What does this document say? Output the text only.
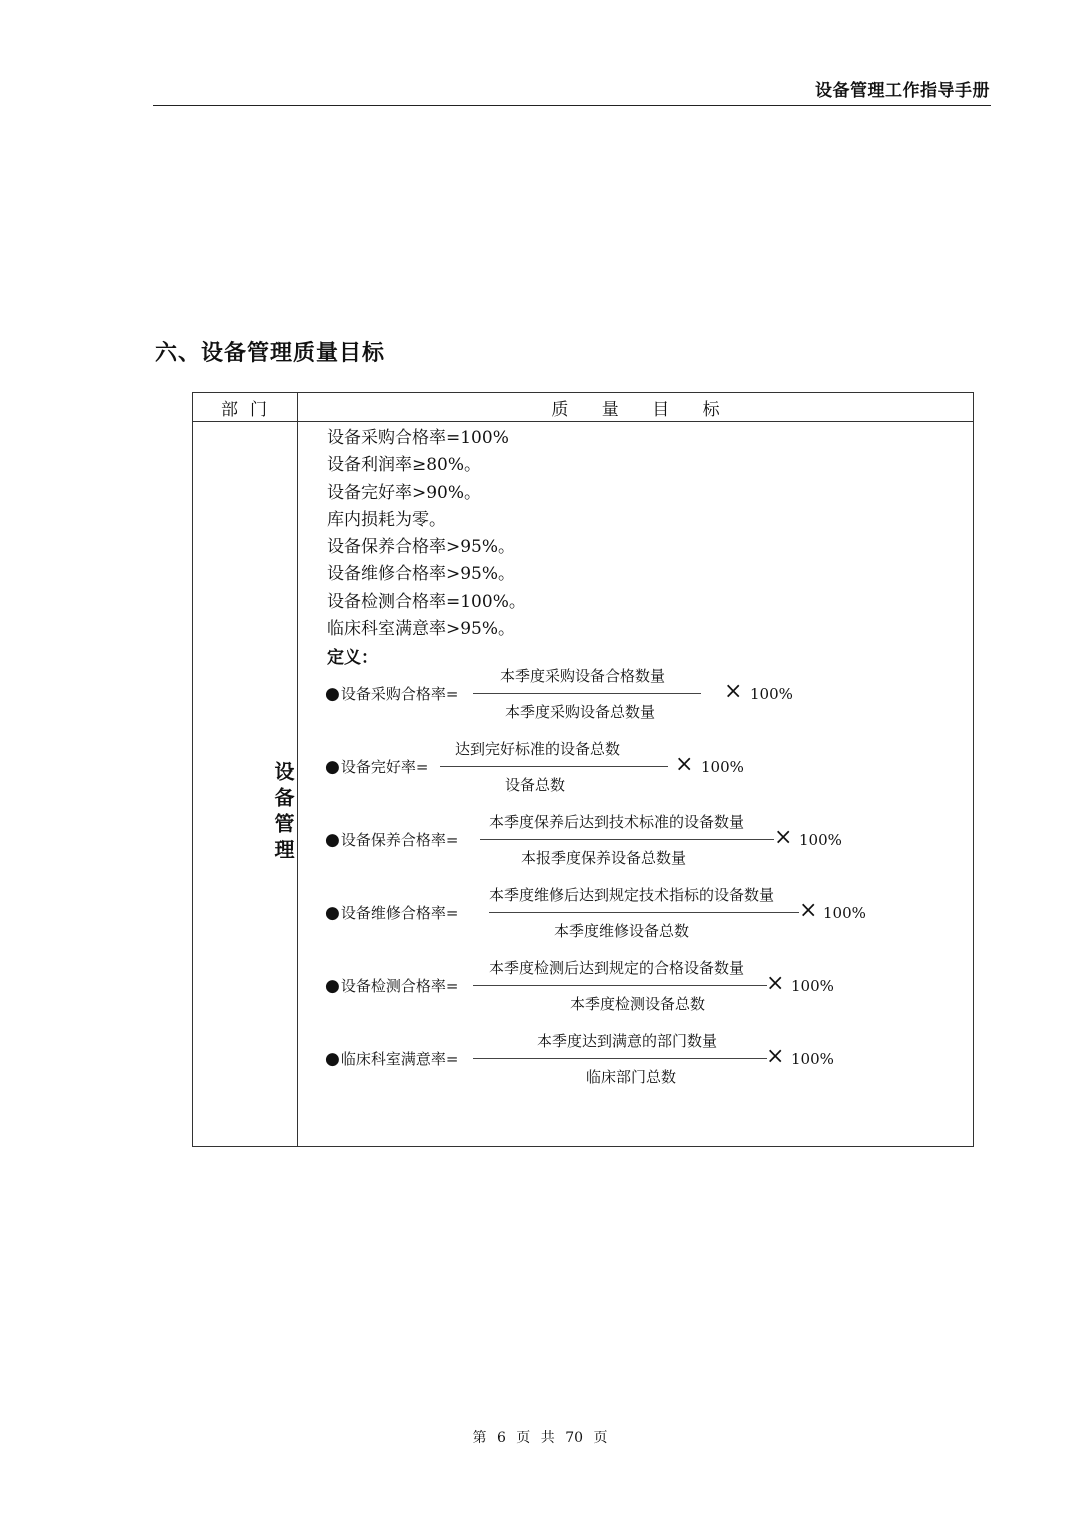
设备管理工作指导手册
六、设备管理质量目标
部门	质 量 目 标
设备管理
设备采购合格率=100%
设备利润率≥80%。
设备完好率>90%。
库内损耗为零。
设备保养合格率>95%。
设备维修合格率>95%。
设备检测合格率=100%。
临床科室满意率>95%。
定义：
●设备采购合格率=
本季度采购设备合格数量
本季度采购设备总数量
× 100%
●设备完好率=
达到完好标准的设备总数
设备总数
× 100%
●设备保养合格率=
本季度保养后达到技术标准的设备数量
本报季度保养设备总数量
× 100%
●设备维修合格率=
本季度维修后达到规定技术指标的设备数量
本季度维修设备总数
× 100%
●设备检测合格率=
本季度检测后达到规定的合格设备数量
本季度检测设备总数
× 100%
●临床科室满意率=
本季度达到满意的部门数量
临床部门总数
× 100%
第 6 页 共 70 页
